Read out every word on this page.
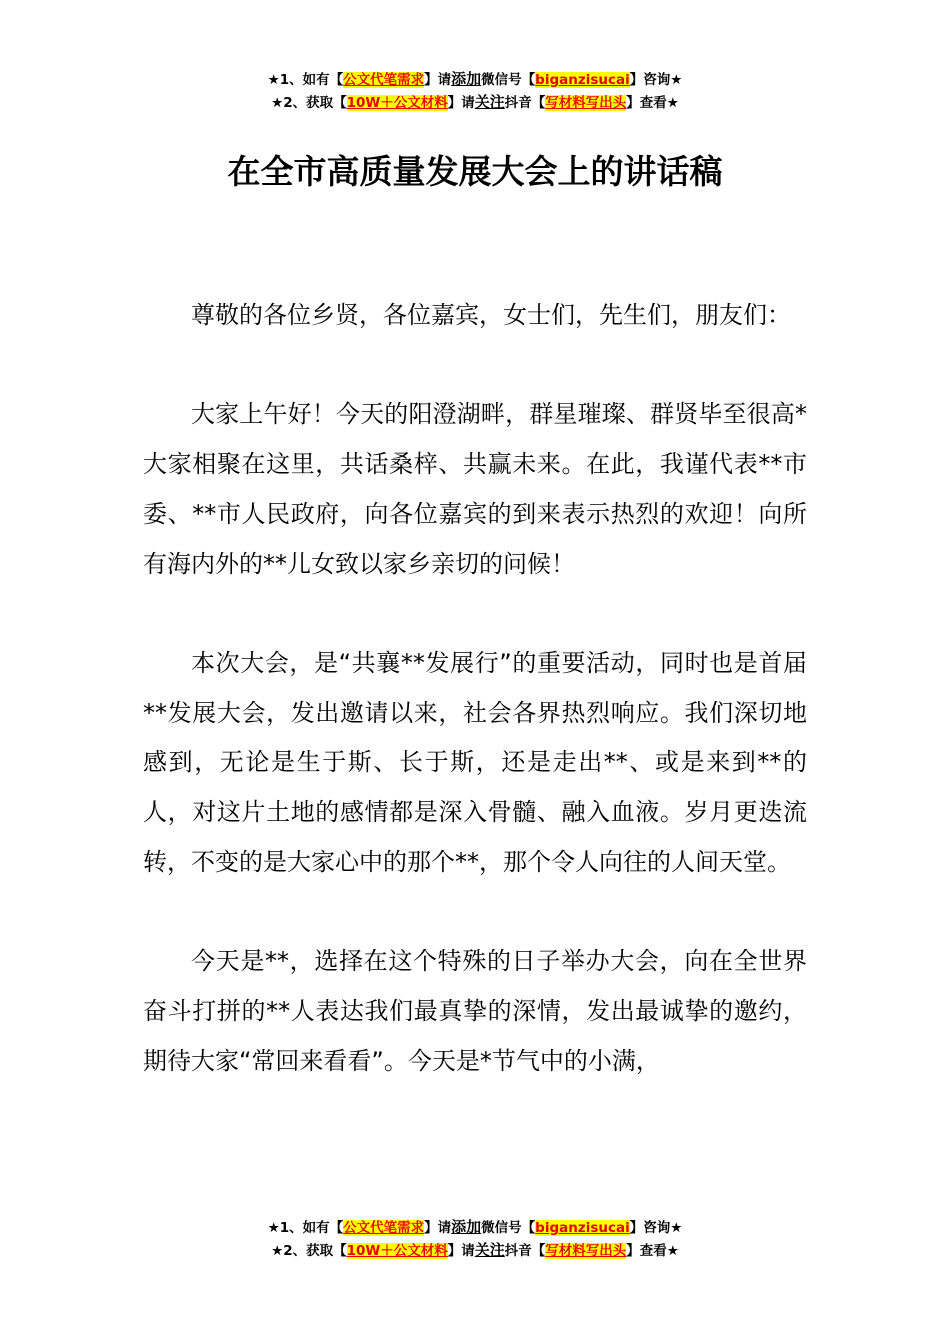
★1、如有【公文代笔需求】请添加微信号【biganzisucai】咨询★
★2、获取【10W＋公文材料】请关注抖音【写材料写出头】查看★
在全市高质量发展大会上的讲话稿

尊敬的各位乡贤，各位嘉宾，女士们，先生们，朋友们：

大家上午好！今天的阳澄湖畔，群星璀璨、群贤毕至很高*大家相聚在这里，共话桑梓、共赢未来。在此，我谨代表**市委、**市人民政府，向各位嘉宾的到来表示热烈的欢迎！向所有海内外的**儿女致以家乡亲切的问候！

本次大会，是“共襄**发展行”的重要活动，同时也是首届**发展大会，发出邀请以来，社会各界热烈响应。我们深切地感到，无论是生于斯、长于斯，还是走出**、或是来到**的人，对这片土地的感情都是深入骨髓、融入血液。岁月更迭流转，不变的是大家心中的那个**，那个令人向往的人间天堂。

今天是**，选择在这个特殊的日子举办大会，向在全世界奋斗打拼的**人表达我们最真挚的深情，发出最诚挚的邀约，期待大家“常回来看看”。今天是*节气中的小满，

★1、如有【公文代笔需求】请添加微信号【biganzisucai】咨询★
★2、获取【10W＋公文材料】请关注抖音【写材料写出头】查看★
